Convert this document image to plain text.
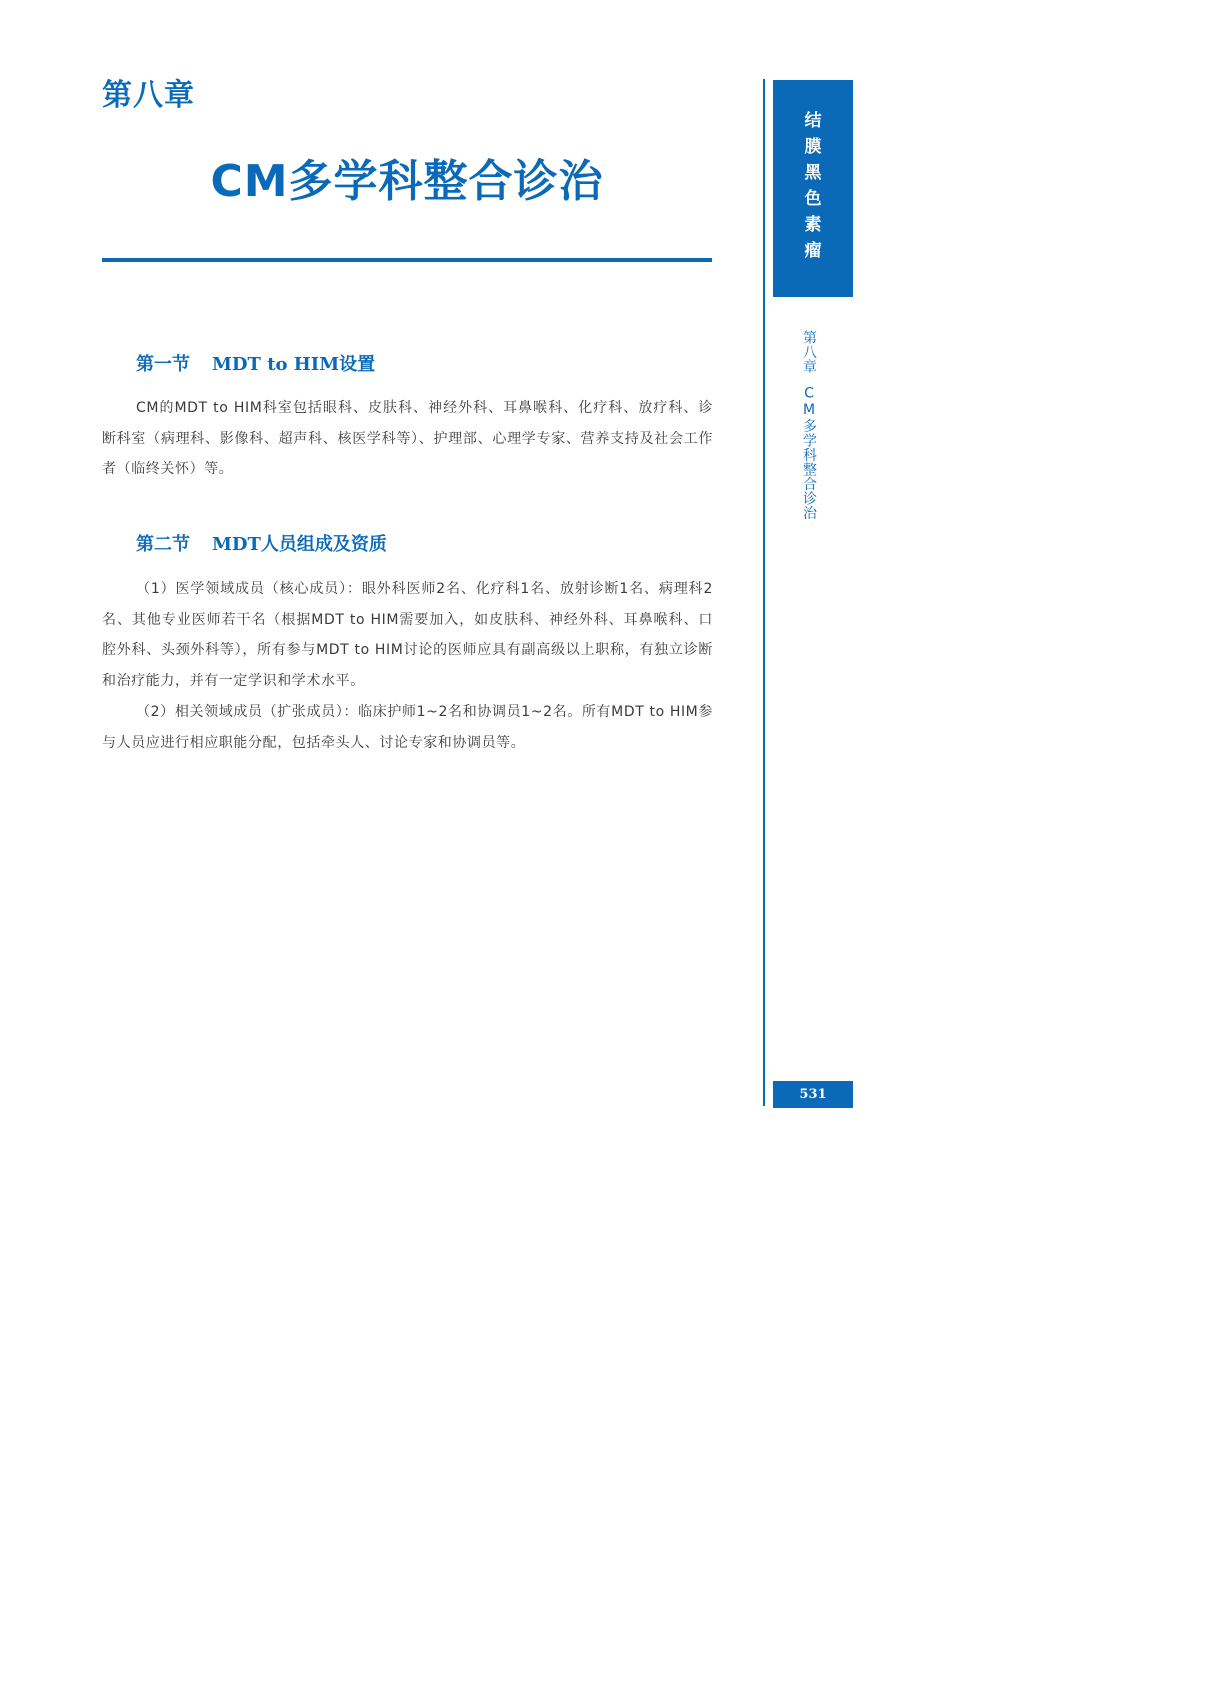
第八章
CM多学科整合诊治
第一节 MDT to HIM设置

CM的MDT to HIM科室包括眼科、皮肤科、神经外科、耳鼻喉科、化疗科、放疗科、诊断科室（病理科、影像科、超声科、核医学科等）、护理部、心理学专家、营养支持及社会工作者（临终关怀）等。

第二节 MDT人员组成及资质

（1）医学领域成员（核心成员）：眼外科医师2名、化疗科1名、放射诊断1名、病理科2名、其他专业医师若干名（根据MDT to HIM需要加入，如皮肤科、神经外科、耳鼻喉科、口腔外科、头颈外科等），所有参与MDT to HIM讨论的医师应具有副高级以上职称，有独立诊断和治疗能力，并有一定学识和学术水平。

（2）相关领域成员（扩张成员）：临床护师1~2名和协调员1~2名。所有MDT to HIM参与人员应进行相应职能分配，包括牵头人、讨论专家和协调员等。

结
膜
黑
色
素
瘤
第八章CM多学科整合诊治
531
